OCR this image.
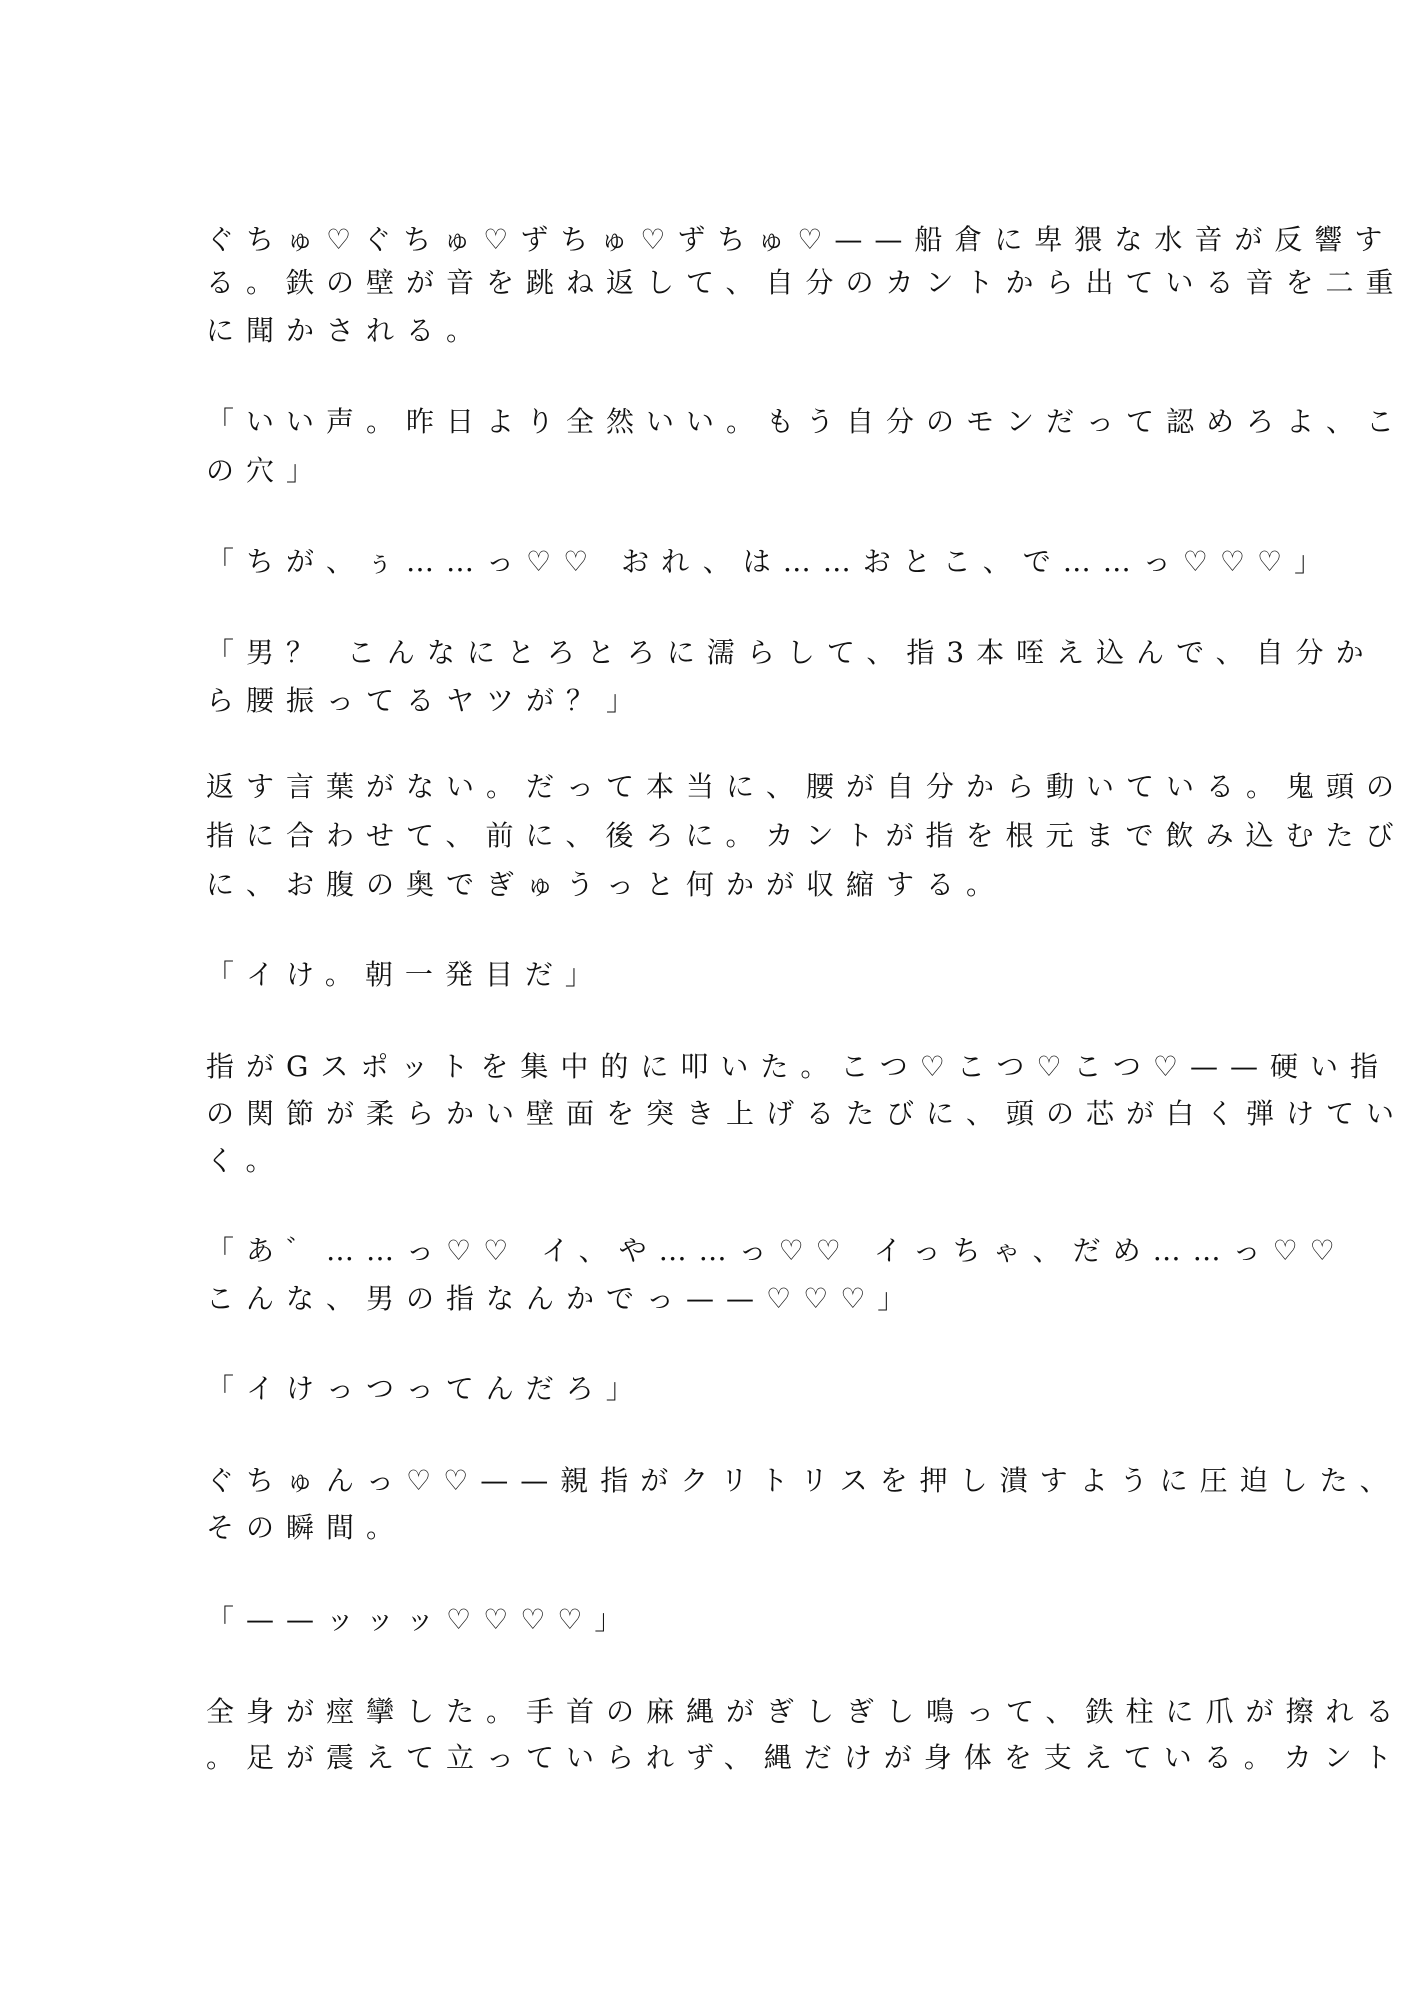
ぐちゅ♡ぐちゅ♡ずちゅ♡ずちゅ♡——船倉に卑猥な水音が反響す
る。鉄の壁が音を跳ね返して、自分のカントから出ている音を二重
に聞かされる。
「いい声。昨日より全然いい。もう自分のモンだって認めろよ、こ
の穴」
「ちが、ぅ……っ♡♡ おれ、は……おとこ、で……っ♡♡♡」
「男？ こんなにとろとろに濡らして、指3本咥え込んで、自分か
ら腰振ってるヤツが？」
返す言葉がない。だって本当に、腰が自分から動いている。鬼頭の
指に合わせて、前に、後ろに。カントが指を根元まで飲み込むたび
に、お腹の奥でぎゅうっと何かが収縮する。
「イけ。朝一発目だ」
指がGスポットを集中的に叩いた。こつ♡こつ♡こつ♡——硬い指
の関節が柔らかい壁面を突き上げるたびに、頭の芯が白く弾けてい
く。
「あ゛……っ♡♡ イ、や……っ♡♡ イっちゃ、だめ……っ♡♡
こんな、男の指なんかでっ——♡♡♡」
「イけっつってんだろ」
ぐちゅんっ♡♡——親指がクリトリスを押し潰すように圧迫した、
その瞬間。
「——ッッッ♡♡♡♡」
全身が痙攣した。手首の麻縄がぎしぎし鳴って、鉄柱に爪が擦れる
。足が震えて立っていられず、縄だけが身体を支えている。カント
